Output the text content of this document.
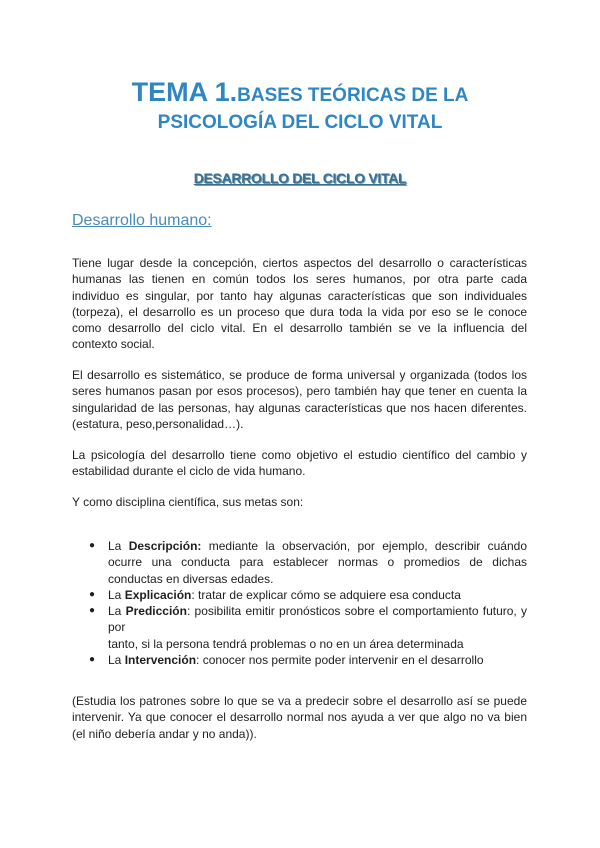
TEMA 1.BASES TEÓRICAS DE LA
PSICOLOGÍA DEL CICLO VITAL
DESARROLLO DEL CICLO VITAL
Desarrollo humano:
Tiene lugar desde la concepción, ciertos aspectos del desarrollo o características humanas las tienen en común todos los seres humanos, por otra parte cada individuo es singular, por tanto hay algunas características que son individuales (torpeza), el desarrollo es un proceso que dura toda la vida por eso se le conoce como desarrollo del ciclo vital. En el desarrollo también se ve la influencia del contexto social.
El desarrollo es sistemático, se produce de forma universal y organizada (todos los seres humanos pasan por esos procesos), pero también hay que tener en cuenta la singularidad de las personas, hay algunas características que nos hacen diferentes. (estatura, peso,personalidad…).
La psicología del desarrollo tiene como objetivo el estudio científico del cambio y estabilidad durante el ciclo de vida humano.
Y como disciplina científica, sus metas son:
● La Descripción: mediante la observación, por ejemplo, describir cuándo ocurre una conducta para establecer normas o promedios de dichas conductas en diversas edades.
● La Explicación: tratar de explicar cómo se adquiere esa conducta
● La Predicción: posibilita emitir pronósticos sobre el comportamiento futuro, y por
tanto, si la persona tendrá problemas o no en un área determinada
● La Intervención: conocer nos permite poder intervenir en el desarrollo
(Estudia los patrones sobre lo que se va a predecir sobre el desarrollo así se puede intervenir. Ya que conocer el desarrollo normal nos ayuda a ver que algo no va bien (el niño debería andar y no anda)).
